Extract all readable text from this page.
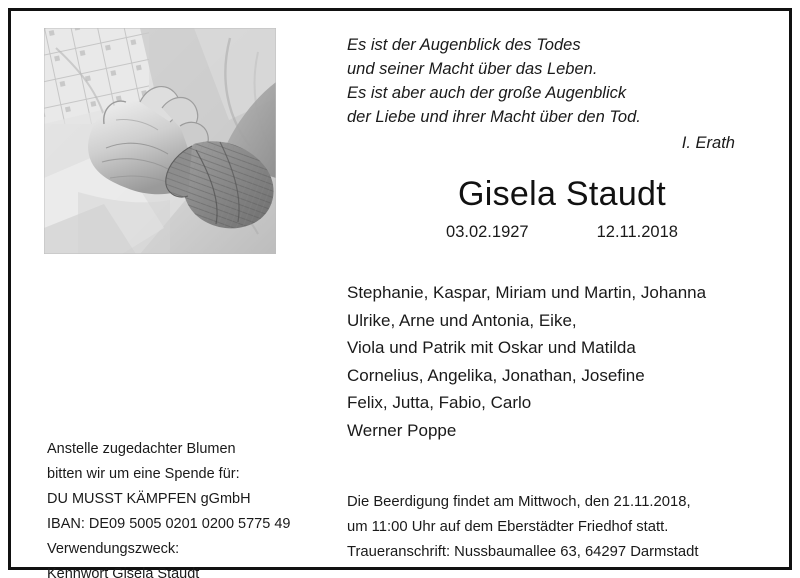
Es ist der Augenblick des Todes
und seiner Macht über das Leben.
Es ist aber auch der große Augenblick
der Liebe und ihrer Macht über den Tod.
I. Erath
Gisela Staudt
03.02.1927	12.11.2018
Stephanie, Kaspar, Miriam und Martin, Johanna
Ulrike, Arne und Antonia, Eike,
Viola und Patrik mit Oskar und Matilda
Cornelius, Angelika, Jonathan, Josefine
Felix, Jutta, Fabio, Carlo
Werner Poppe
Anstelle zugedachter Blumen
bitten wir um eine Spende für:
DU MUSST KÄMPFEN gGmbH
IBAN: DE09 5005 0201 0200 5775 49
Verwendungszweck:
Kennwort Gisela Staudt
Die Beerdigung findet am Mittwoch, den 21.11.2018,
um 11:00 Uhr auf dem Eberstädter Friedhof statt.
Traueranschrift: Nussbaumallee 63, 64297 Darmstadt
